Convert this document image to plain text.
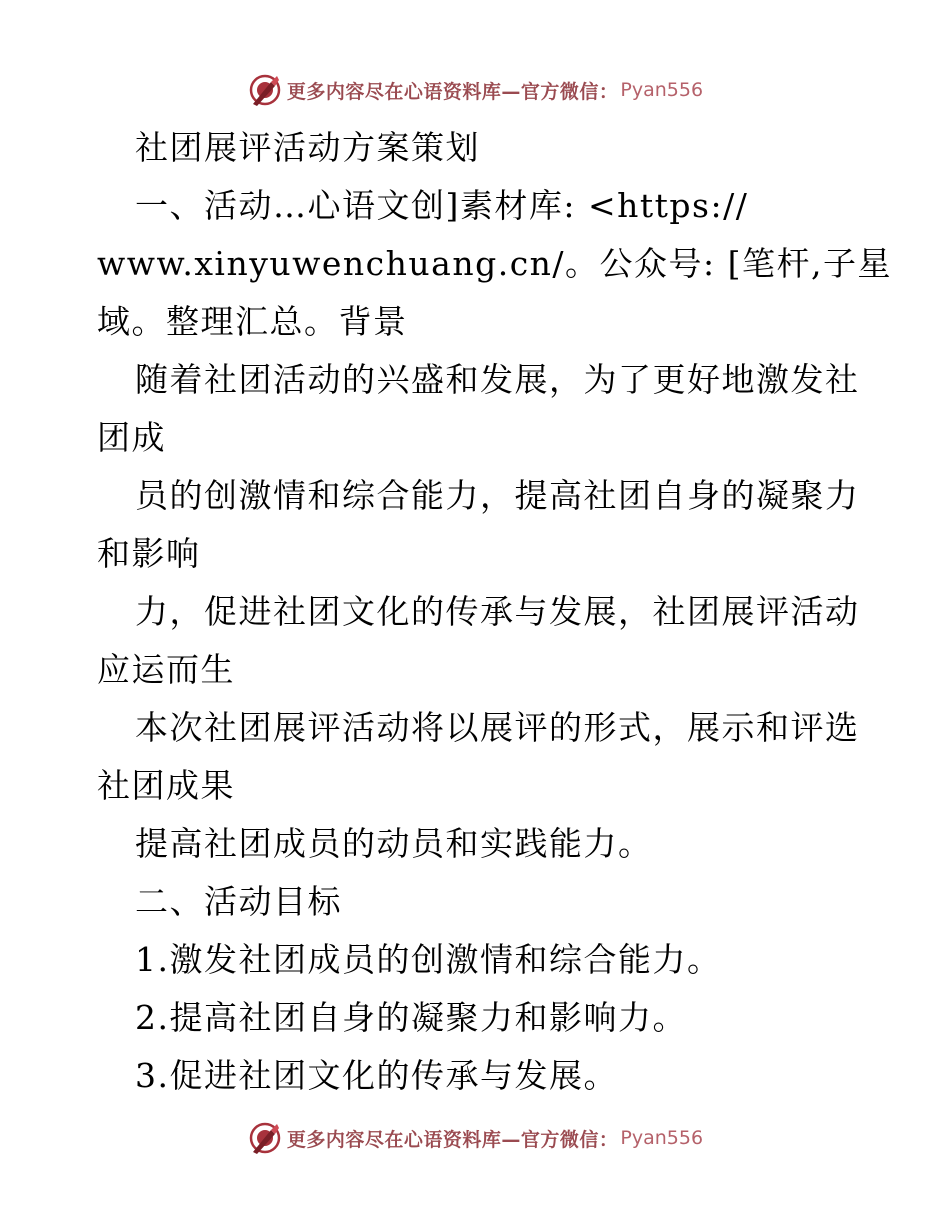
更多内容尽在心语资料库—官方微信： Pyan556
社团展评活动方案策划
一、活动…心语文创]素材库: <https://
www.xinyuwenchuang.cn/。公众号: [笔杆,子星
域。整理汇总。背景
随着社团活动的兴盛和发展，为了更好地激发社
团成
员的创激情和综合能力，提高社团自身的凝聚力
和影响
力，促进社团文化的传承与发展，社团展评活动
应运而生
本次社团展评活动将以展评的形式，展示和评选
社团成果
提高社团成员的动员和实践能力。
二、活动目标
1.激发社团成员的创激情和综合能力。
2.提高社团自身的凝聚力和影响力。
3.促进社团文化的传承与发展。
更多内容尽在心语资料库—官方微信： Pyan556
